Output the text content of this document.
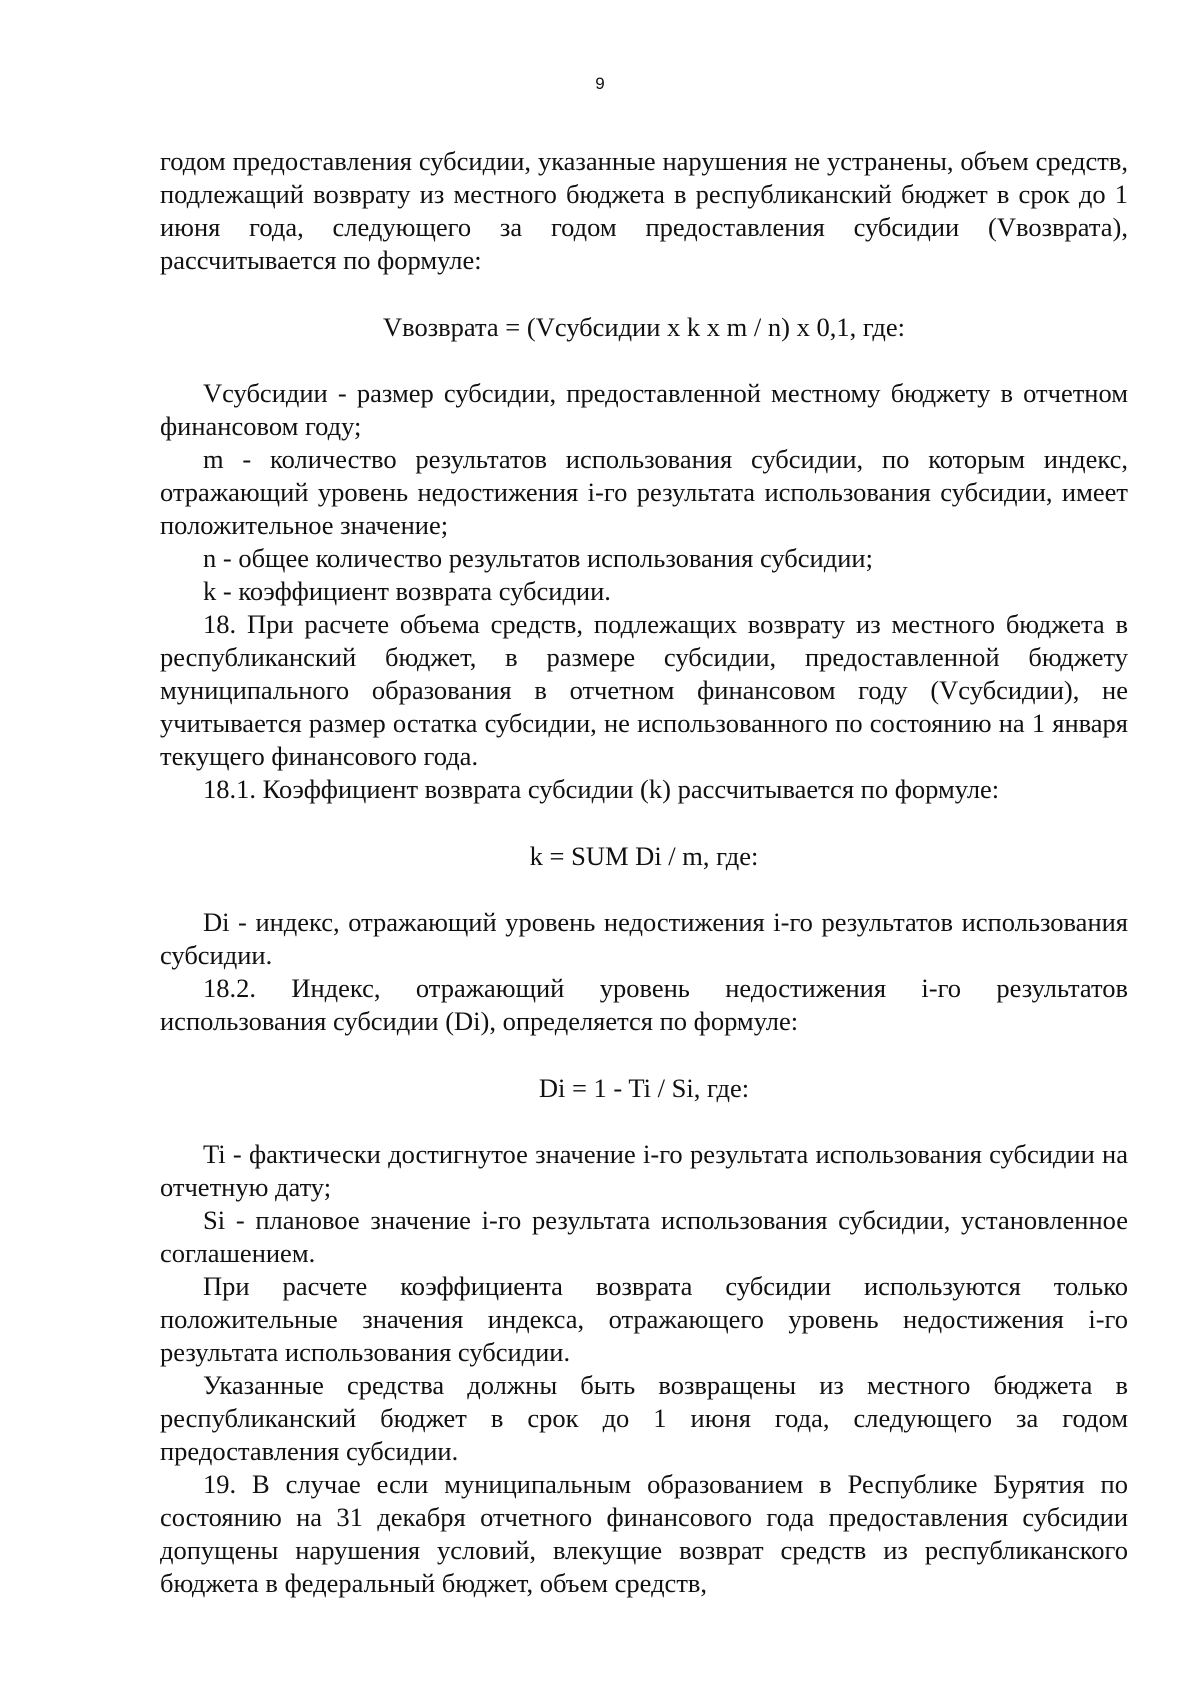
9

годом предоставления субсидии, указанные нарушения не устранены, объем средств, подлежащий возврату из местного бюджета в республиканский бюджет в срок до 1 июня года, следующего за годом предоставления субсидии (Vвозврата), рассчитывается по формуле:

Vвозврата = (Vсубсидии x k x m / n) x 0,1, где:

Vсубсидии - размер субсидии, предоставленной местному бюджету в отчетном финансовом году;

m - количество результатов использования субсидии, по которым индекс, отражающий уровень недостижения i-го результата использования субсидии, имеет положительное значение;

n - общее количество результатов использования субсидии;

k - коэффициент возврата субсидии.

18. При расчете объема средств, подлежащих возврату из местного бюджета в республиканский бюджет, в размере субсидии, предоставленной бюджету муниципального образования в отчетном финансовом году (Vсубсидии), не учитывается размер остатка субсидии, не использованного по состоянию на 1 января текущего финансового года.

18.1. Коэффициент возврата субсидии (k) рассчитывается по формуле:

k = SUM Di / m, где:

Di - индекс, отражающий уровень недостижения i-го результатов использования субсидии.

18.2. Индекс, отражающий уровень недостижения i-го результатов использования субсидии (Di), определяется по формуле:

Di = 1 - Ti / Si, где:

Ti - фактически достигнутое значение i-го результата использования субсидии на отчетную дату;

Si - плановое значение i-го результата использования субсидии, установленное соглашением.

При расчете коэффициента возврата субсидии используются только положительные значения индекса, отражающего уровень недостижения i-го результата использования субсидии.

Указанные средства должны быть возвращены из местного бюджета в республиканский бюджет в срок до 1 июня года, следующего за годом предоставления субсидии.

19. В случае если муниципальным образованием в Республике Бурятия по состоянию на 31 декабря отчетного финансового года предоставления субсидии допущены нарушения условий, влекущие возврат средств из республиканского бюджета в федеральный бюджет, объем средств,
